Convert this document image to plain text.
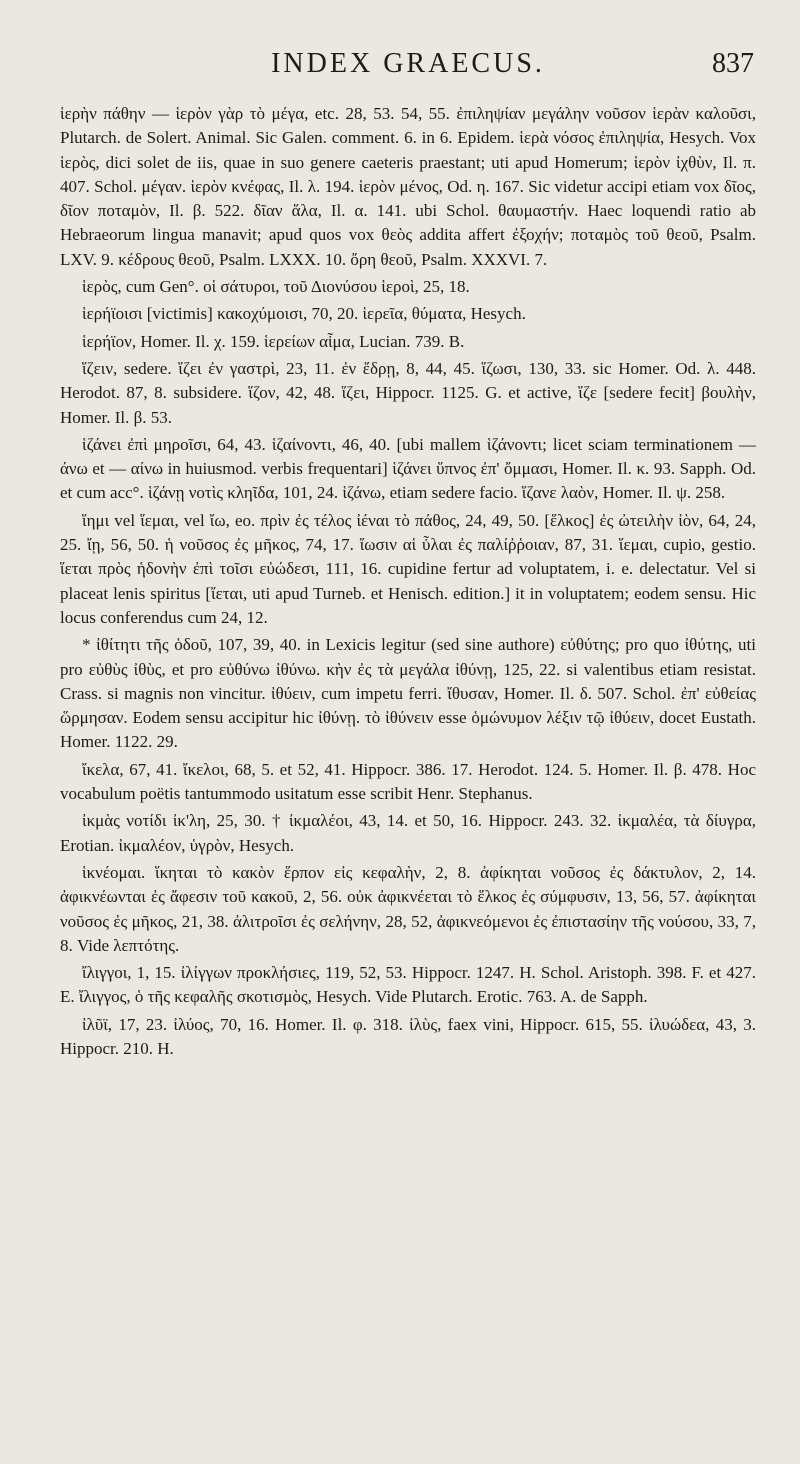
INDEX GRAECUS.	837

ἱερὴν πάθην — ἱερὸν γὰρ τὸ μέγα, etc. 28, 53. 54, 55. ἐπιληψίαν μεγάλην νοῦσον ἱερὰν καλοῦσι, Plutarch. de Solert. Animal. Sic Galen. comment. 6. in 6. Epidem. ἱερὰ νόσος ἐπιληψία, Hesych. Vox ἱερὸς, dici solet de iis, quae in suo genere caeteris praestant; uti apud Homerum; ἱερὸν ἰχθὺν, Il. π. 407. Schol. μέγαν. ἱερὸν κνέφας, Il. λ. 194. ἱερὸν μένος, Od. η. 167. Sic videtur accipi etiam vox δῖος, δῖον ποταμὸν, Il. β. 522. δῖαν ἅλα, Il. α. 141. ubi Schol. θαυμαστήν. Haec loquendi ratio ab Hebraeorum lingua manavit; apud quos vox θεὸς addita affert ἐξοχήν; ποταμὸς τοῦ θεοῦ, Psalm. LXV. 9. κέδρους θεοῦ, Psalm. LXXX. 10. ὄρη θεοῦ, Psalm. XXXVI. 7.

ἱερὸς, cum Gen°. οἱ σάτυροι, τοῦ Διονύσου ἱεροὶ, 25, 18.

ἱερήϊοισι [victimis] κακοχύμοισι, 70, 20. ἱερεῖα, θύματα, Hesych.

ἱερήϊον, Homer. Il. χ. 159. ἱερείων αἷμα, Lucian. 739. B.

ἵζειν, sedere. ἵζει ἐν γαστρὶ, 23, 11. ἐν ἕδρῃ, 8, 44, 45. ἵζωσι, 130, 33. sic Homer. Od. λ. 448. Herodot. 87, 8. subsidere. ἵζον, 42, 48. ἵζει, Hippocr. 1125. G. et active, ἵζε [sedere fecit] βουλὴν, Homer. Il. β. 53.

ἱζάνει ἐπὶ μηροῖσι, 64, 43. ἱζαίνοντι, 46, 40. [ubi mallem ἱζάνοντι; licet sciam terminationem — άνω et — αίνω in huiusmod. verbis frequentari] ἱζάνει ὕπνος ἐπ' ὄμμασι, Homer. Il. κ. 93. Sapph. Od. et cum acc°. ἱζάνῃ νοτὶς κληῖδα, 101, 24. ἱζάνω, etiam sedere facio. ἵζανε λαὸν, Homer. Il. ψ. 258.

ἵημι vel ἵεμαι, vel ἴω, eo. πρὶν ἐς τέλος ἰέναι τὸ πάθος, 24, 49, 50. [ἕλκος] ἐς ὠτειλὴν ἰὸν, 64, 24, 25. ἴῃ, 56, 50. ἡ νοῦσος ἐς μῆκος, 74, 17. ἴωσιν αἱ ὗλαι ἐς παλίῤῥοιαν, 87, 31. ἵεμαι, cupio, gestio. ἵεται πρὸς ἡδονὴν ἐπὶ τοῖσι εὐώδεσι, 111, 16. cupidine fertur ad voluptatem, i. e. delectatur. Vel si placeat lenis spiritus [ἴεται, uti apud Turneb. et Henisch. edition.] it in voluptatem; eodem sensu. Hic locus conferendus cum 24, 12.

* ἰθίτητι τῆς ὁδοῦ, 107, 39, 40. in Lexicis legitur (sed sine authore) εὐθύτης; pro quo ἰθύτης, uti pro εὐθὺς ἰθὺς, et pro εὐθύνω ἰθύνω. κὴν ἐς τὰ μεγάλα ἰθύνῃ, 125, 22. si valentibus etiam resistat. Crass. si magnis non vincitur. ἰθύειν, cum impetu ferri. ἴθυσαν, Homer. Il. δ. 507. Schol. ἐπ' εὐθείας ὥρμησαν. Eodem sensu accipitur hic ἰθύνῃ. τὸ ἰθύνειν esse ὁμώνυμον λέξιν τῷ ἰθύειν, docet Eustath. Homer. 1122. 29.

ἴκελα, 67, 41. ἴκελοι, 68, 5. et 52, 41. Hippocr. 386. 17. Herodot. 124. 5. Homer. Il. β. 478. Hoc vocabulum poëtis tantummodo usitatum esse scribit Henr. Stephanus.

ἰκμὰς νοτίδι ἰκ'λη, 25, 30. † ἰκμαλέοι, 43, 14. et 50, 16. Hippocr. 243. 32. ἰκμαλέα, τὰ δίυγρα, Erotian. ἰκμαλέον, ὑγρὸν, Hesych.

ἱκνέομαι. ἵκηται τὸ κακὸν ἕρπον εἰς κεφαλὴν, 2, 8. ἀφίκηται νοῦσος ἐς δάκτυλον, 2, 14. ἀφικνέωνται ἐς ἄφεσιν τοῦ κακοῦ, 2, 56. οὐκ ἀφικνέεται τὸ ἕλκος ἐς σύμφυσιν, 13, 56, 57. ἀφίκηται νοῦσος ἐς μῆκος, 21, 38. ἀλιτροῖσι ἐς σελήνην, 28, 52, ἀφικνεόμενοι ἐς ἐπιστασίην τῆς νούσου, 33, 7, 8. Vide λεπτότης.

ἴλιγγοι, 1, 15. ἰλίγγων προκλήσιες, 119, 52, 53. Hippocr. 1247. H. Schol. Aristoph. 398. F. et 427. E. ἴλιγγος, ὁ τῆς κεφαλῆς σκοτισμὸς, Hesych. Vide Plutarch. Erotic. 763. A. de Sapph.

ἰλῦϊ, 17, 23. ἰλύος, 70, 16. Homer. Il. φ. 318. ἰλὺς, faex vini, Hippocr. 615, 55. ἰλυώδεα, 43, 3. Hippocr. 210. H.
